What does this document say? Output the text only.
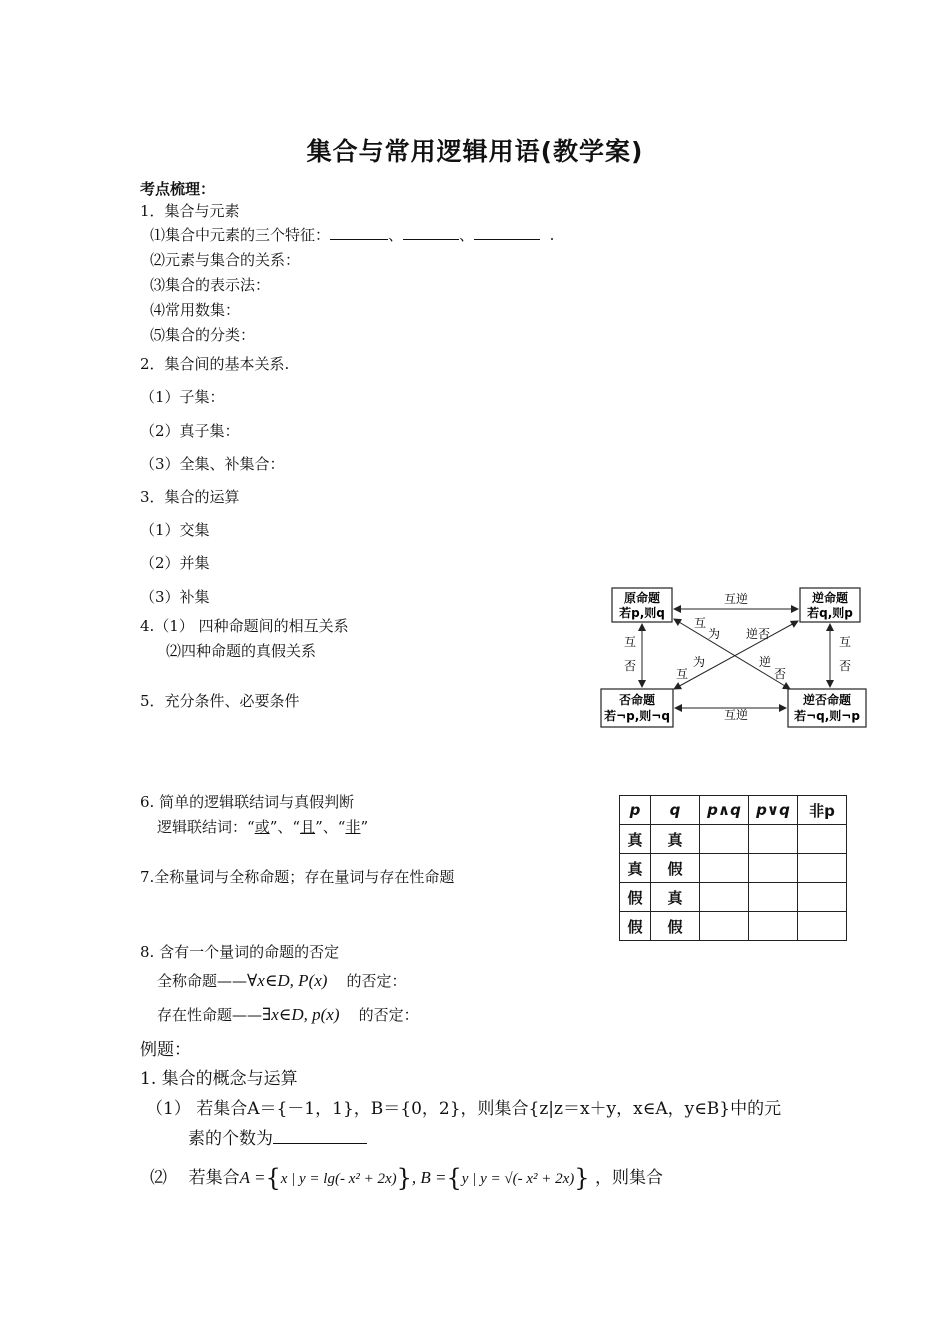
集合与常用逻辑用语(教学案)
考点梳理：
1．集合与元素
⑴集合中元素的三个特征：	、	、	.
⑵元素与集合的关系：
⑶集合的表示法：
⑷常用数集：
⑸集合的分类：
2．集合间的基本关系.
（1）子集：
（2）真子集：
（3）全集、补集合：
3．集合的运算
（1）交集
（2）并集
（3）补集
4.（1） 四种命题间的相互关系
⑵四种命题的真假关系
5．充分条件、必要条件
原命题
若p,则q
逆命题
若q,则p
否命题
若¬p,则¬q
逆否命题
若¬q,则¬p
互逆
互逆
互
否
互
否
互
为 逆否
为
互
逆
否
6. 简单的逻辑联结词与真假判断
逻辑联结词：“或”、“且”、“非”
p	q	p∧q	p∨q	非p
真	真			
真	假			
假	真			
假	假			
7.全称量词与全称命题；存在量词与存在性命题
8. 含有一个量词的命题的否定
全称命题——∀x∈D, P(x) 的否定：
存在性命题——∃x∈D, p(x) 的否定：
例题：
1. 集合的概念与运算
（1） 若集合A＝{－1，1}，B＝{0，2}，则集合{z|z＝x＋y，x∈A，y∈B}中的元
素的个数为
⑵ 若集合A ={x | y = lg(- x² + 2x)}, B ={y | y = √(- x² + 2x)} ，则集合
